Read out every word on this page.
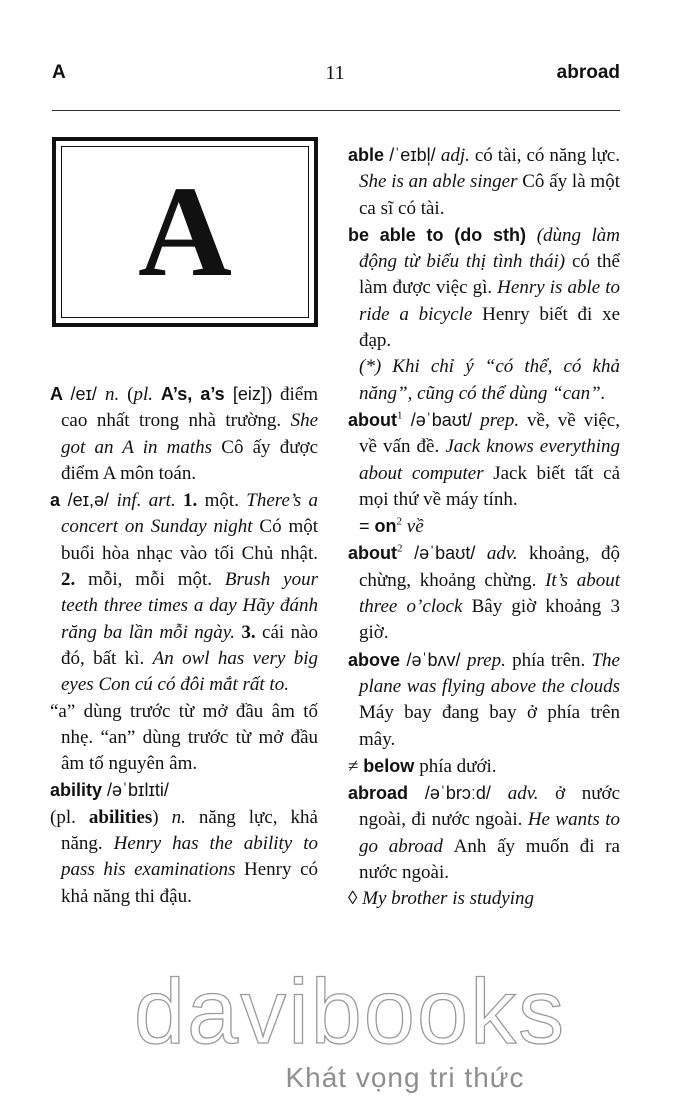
A	11	abroad
A

A /eɪ/ n. (pl. A’s, a’s [eiz]) điểm cao nhất trong nhà trường. She got an A in maths Cô ấy được điểm A môn toán.

a /eɪ,ə/ inf. art. 1. một. There’s a concert on Sunday night Có một buổi hòa nhạc vào tối Chủ nhật. 2. mỗi, mỗi một. Brush your teeth three times a day Hãy đánh răng ba lần mỗi ngày. 3. cái nào đó, bất kì. An owl has very big eyes Con cú có đôi mắt rất to.

“a” dùng trước từ mở đầu âm tố nhẹ. “an” dùng trước từ mở đầu âm tố nguyên âm.

ability /əˈbɪlɪti/

(pl. abilities) n. năng lực, khả năng. Henry has the ability to pass his examinations Henry có khả năng thi đậu.

able /ˈeɪbl̩/ adj. có tài, có năng lực. She is an able singer Cô ấy là một ca sĩ có tài.

be able to (do sth) (dùng làm động từ biểu thị tình thái) có thể làm được việc gì. Henry is able to ride a bicycle Henry biết đi xe đạp.

(*) Khi chỉ ý “có thể, có khả năng”, cũng có thể dùng “can”.

about$^1$ /əˈbaʊt/ prep. về, về việc, về vấn đề. Jack knows everything about computer Jack biết tất cả mọi thứ về máy tính.

= $on^2$ về

about$^2$ /əˈbaʊt/ adv. khoảng, độ chừng, khoảng chừng. It’s about three o’clock Bây giờ khoảng 3 giờ.

above /əˈbʌv/ prep. phía trên. The plane was flying above the clouds Máy bay đang bay ở phía trên mây.

≠ below phía dưới.

abroad /əˈbrɔːd/ adv. ở nước ngoài, đi nước ngoài. He wants to go abroad Anh ấy muốn đi ra nước ngoài.

◊ My brother is studying

davibooks
Khát vọng tri thức
